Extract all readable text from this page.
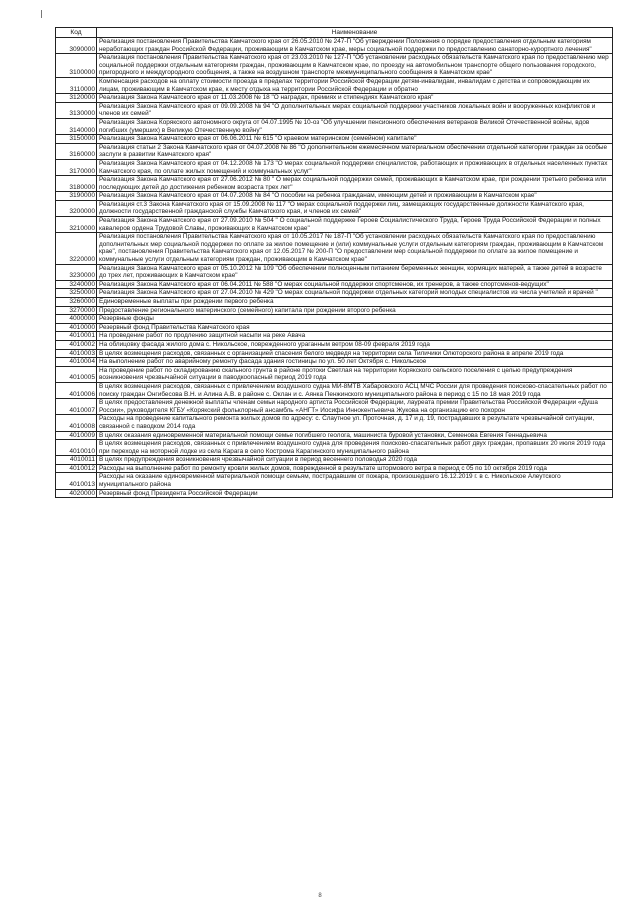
Код	Наименование
3090000	Реализация постановления Правительства Камчатского края от 26.05.2010 № 247-П "Об утверждении Положения о порядке предоставления отдельным категориям неработающих граждан Российской Федерации, проживающим в Камчатском крае, меры социальной поддержки по предоставлению санаторно-курортного лечения"
3100000	Реализация постановления Правительства Камчатского края от 23.03.2010 № 127-П "Об установлении расходных обязательств Камчатского края по предоставлению мер социальной поддержки отдельным категориям граждан, проживающим в Камчатском крае, по проезду на автомобильном транспорте общего пользования городского, пригородного и междугородного сообщения, а также на воздушном транспорте межмуниципального сообщения в Камчатском крае"
3110000	Компенсация расходов на оплату стоимости проезда в пределах территории Российской Федерации детям-инвалидам, инвалидам с детства и сопровождающим их лицам, проживающим в Камчатском крае, к месту отдыха на территории Российской Федерации и обратно
3120000	Реализация Закона Камчатского края от 11.03.2008 № 18 "О наградах, премиях и стипендиях Камчатского края"
3130000	Реализация Закона Камчатского края от 09.09.2008 № 94 "О дополнительных мерах социальной поддержки участников локальных войн и вооруженных конфликтов и членов их семей"
3140000	Реализация Закона Корякского автономного округа от 04.07.1995 № 10-оз "Об улучшении пенсионного обеспечения ветеранов Великой Отечественной войны, вдов погибших (умерших) в Великую Отечественную войну"
3150000	Реализация Закона Камчатского края от 06.06.2011 № 615 "О краевом материнском (семейном) капитале"
3160000	Реализация статьи 2 Закона Камчатского края от 04.07.2008 № 86 "О дополнительном ежемесячном материальном обеспечении отдельной категории граждан за особые заслуги в развитии Камчатского края"
3170000	Реализация Закона Камчатского края от 04.12.2008 № 173 "О мерах социальной поддержки специалистов, работающих и проживающих в отдельных населенных пунктах Камчатского края, по оплате жилых помещений и коммунальных услуг"
3180000	Реализация Закона Камчатского края от 27.06.2012 № 80 " О мерах социальной поддержки семей, проживающих в Камчатском крае, при рождении третьего ребенка или последующих детей до достижения ребенком возраста трех лет"
3190000	Реализация Закона Камчатского края от 04.07.2008 № 84 "О пособии на ребенка гражданам, имеющим детей и проживающим в Камчатском крае"
3200000	Реализация ст.3 Закона Камчатского края от 15.09.2008 № 117 "О мерах социальной поддержки лиц, замещающих государственные должности Камчатского края, должности государственной гражданской службы Камчатского края, и членов их семей"
3210000	Реализация Закона Камчатского края от 27.09.2010 № 504 " О социальной поддержке Героев Социалистического Труда, Героев Труда Российской Федерации и полных кавалеров ордена Трудовой Славы, проживающих в Камчатском крае"
3220000	Реализация постановления Правительства Камчатского края от 10.05.2017 № 187-П "Об установлении расходных обязательств Камчатского края по предоставлению дополнительных мер социальной поддержки по оплате за жилое помещение и (или) коммунальные услуги отдельным категориям граждан, проживающим в Камчатском крае", постановления Правительства Камчатского края от 12.05.2017 № 200-П "О предоставлении мер социальной поддержки по оплате за жилое помещение и коммунальные услуги отдельным категориям граждан, проживающим в Камчатском крае"
3230000	Реализация Закона Камчатского края от 05.10.2012 № 109 "Об обеспечении полноценным питанием беременных женщин, кормящих матерей, а также детей в возрасте до трех лет, проживающих в Камчатском крае"
3240000	Реализация Закона Камчатского края от 06.04.2011 № 588 "О мерах социальной поддержки спортсменов, их тренеров, а также спортсменов-ведущих"
3250000	Реализация Закона Камчатского края от 27.04.2010 № 429 "О мерах социальной поддержки отдельных категорий молодых специалистов из числа учителей и врачей "
3260000	Единовременные выплаты при рождении первого ребенка
3270000	Предоставление регионального материнского (семейного) капитала при рождении второго ребенка
4000000	Резервные фонды
4010000	Резервный фонд Правительства Камчатского края
4010001	На проведение работ по продлению защитной насыпи на реке Авача
4010002	На облицовку фасада жилого дома с. Никольское, поврежденного ураганным ветром 08-09 февраля 2019 года
4010003	В целях возмещения расходов, связанных с организацией спасения белого медведя на территории села Тиличики Олюторского района в апреле 2019 года
4010004	На выполнение работ по аварийному ремонту фасада здания гостиницы по ул. 50 лет Октября с. Никольское
4010005	На проведение работ по складированию скального грунта в районе протоки Светлая на территории Корякского сельского поселения с целью предупреждения возникновения чрезвычайной ситуации в паводкоопасный период 2019 года
4010006	В целях возмещения расходов, связанных с привлечением воздушного судна МИ-8МТВ Хабаровского АСЦ МЧС России для проведения поисково-спасательных работ по поиску граждан Онгибесова В.Н. и Алина А.В. в районе с. Оклан и с. Аянка Пенжинского муниципального района в период с 15 по 18 мая 2019 года
4010007	В целях предоставления денежной выплаты членам семьи народного артиста Российской Федерации, лауреата премии Правительства Российской Федерации «Душа России», руководителя КГБУ «Корякский фольклорный ансамбль «АНГТ» Иосифа Иннокентьевича Жукова на организацию его похорон
4010008	Расходы на проведение капитального ремонта жилых домов по адресу: с. Слаутное ул. Проточная, д. 17 и д. 19, пострадавших в результате чрезвычайной ситуации, связанной с паводком 2014 года
4010009	В целях оказания единовременной материальной помощи семье погибшего геолога, машиниста буровой установки, Семенова Евгения Геннадьевича
4010010	В целях возмещения расходов, связанных с привлечением воздушного судна для проведения поисково-спасательных работ двух граждан, пропавших 20 июля 2019 года при переходе на моторной лодке из села Карага в село Кострома Карагинского муниципального района
4010011	В целях предупреждения возникновения чрезвычайной ситуации в период весеннего половодья 2020 года
4010012	Расходы на выполнение работ по ремонту кровли жилых домов, поврежденной в результате штормового ветра в период с 05 по 10 октября 2019 года
4010013	Расходы на оказание единовременной материальной помощи семьям, пострадавшим от пожара, произошедшего 16.12.2019 г. в с. Никольское Алеутского муниципального района
4020000	Резервный фонд Президента Российской Федерации
8
